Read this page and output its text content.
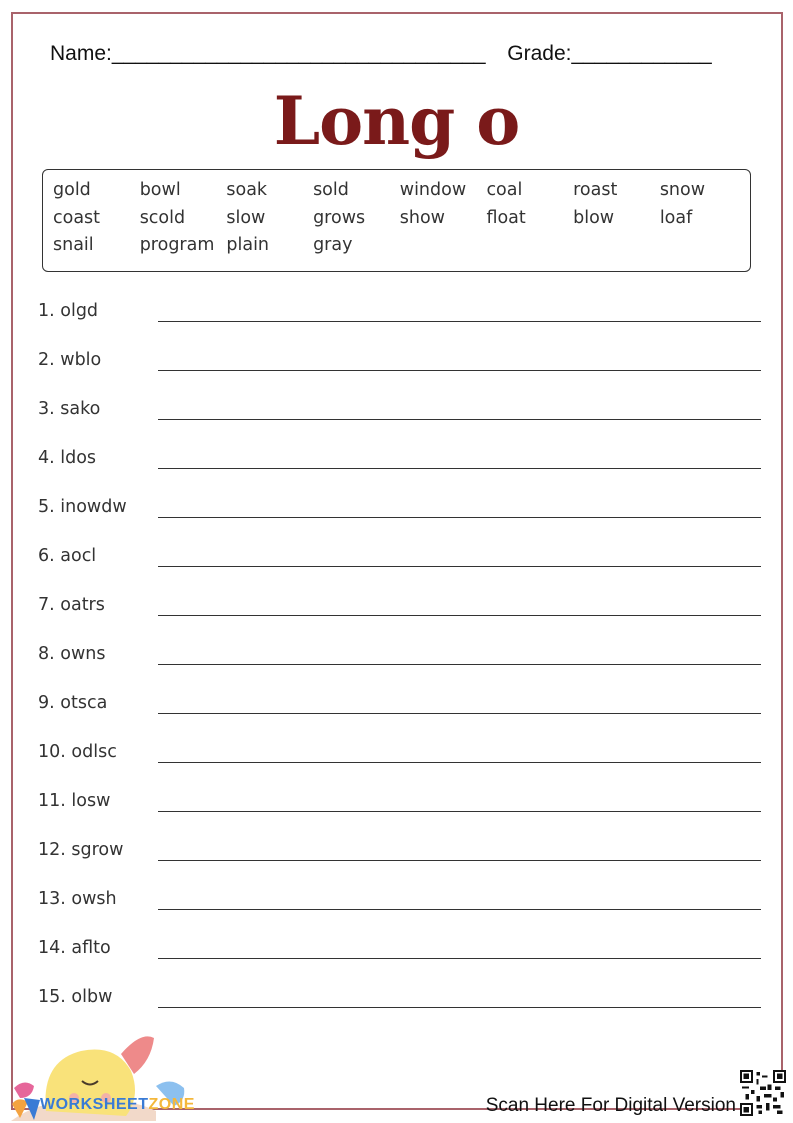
Name:________________________________ Grade:____________
Long o
gold	bowl	soak	sold	window	coal	roast	snow
coast	scold	slow	grows	show	float	blow	loaf
snail	program plain	gray
1. olgd
2. wblo
3. sako
4. ldos
5. inowdw
6. aocl
7. oatrs
8. owns
9. otsca
10. odlsc
11. losw
12. sgrow
13. owsh
14. aflto
15. olbw
WORKSHEETZONE	Scan Here For Digital Version
